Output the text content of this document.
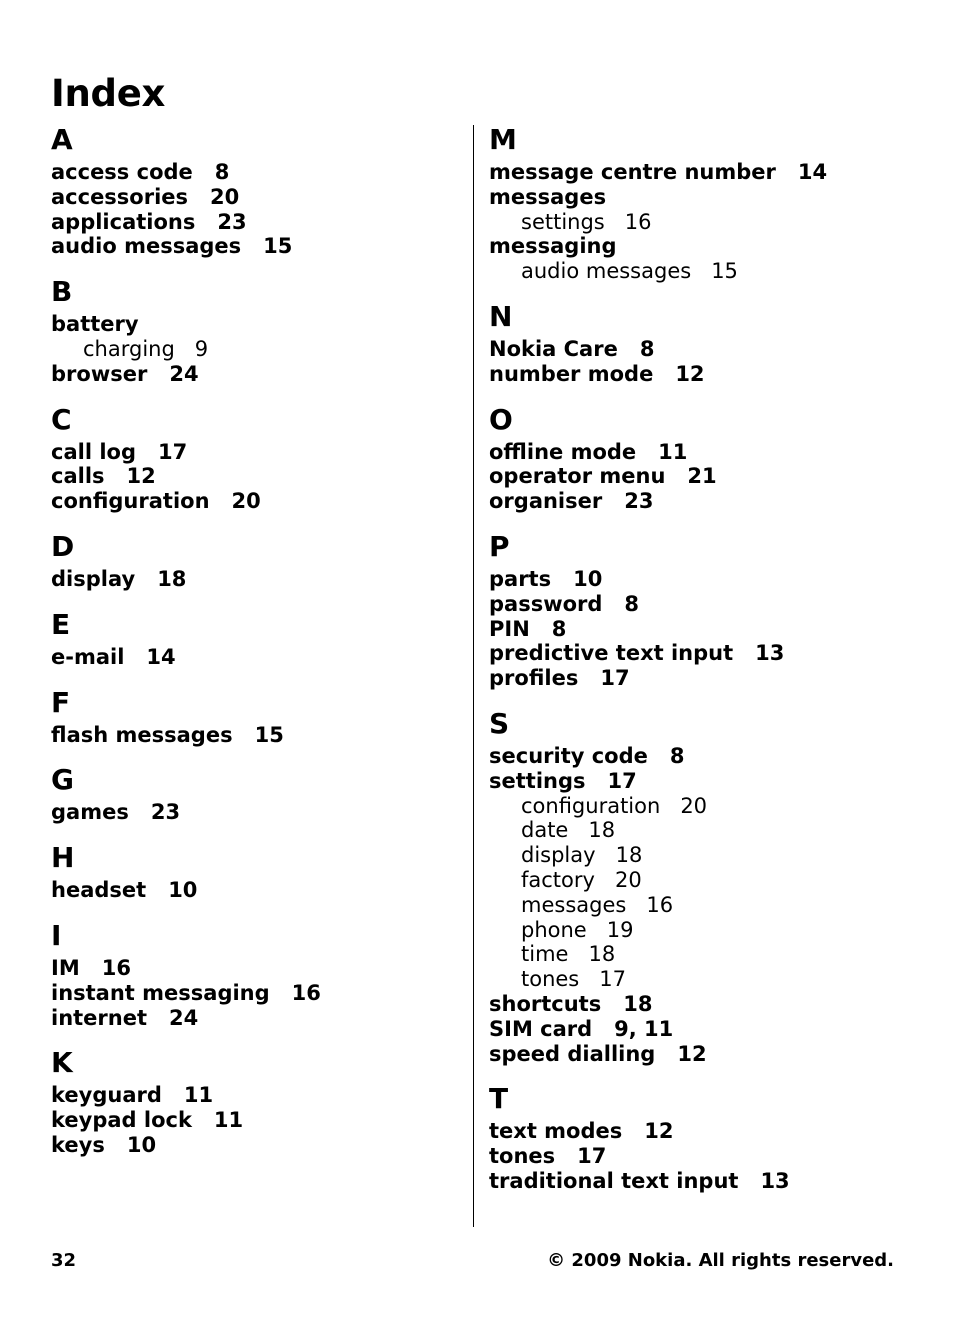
Index
A
access code 8
accessories 20
applications 23
audio messages 15
B
battery
charging 9
browser 24
C
call log 17
calls 12
configuration 20
D
display 18
E
e-mail 14
F
flash messages 15
G
games 23
H
headset 10
I
IM 16
instant messaging 16
internet 24
K
keyguard 11
keypad lock 11
keys 10
M
message centre number 14
messages
settings 16
messaging
audio messages 15
N
Nokia Care 8
number mode 12
O
offline mode 11
operator menu 21
organiser 23
P
parts 10
password 8
PIN 8
predictive text input 13
profiles 17
S
security code 8
settings 17
configuration 20
date 18
display 18
factory 20
messages 16
phone 19
time 18
tones 17
shortcuts 18
SIM card 9, 11
speed dialling 12
T
text modes 12
tones 17
traditional text input 13
32	© 2009 Nokia. All rights reserved.
